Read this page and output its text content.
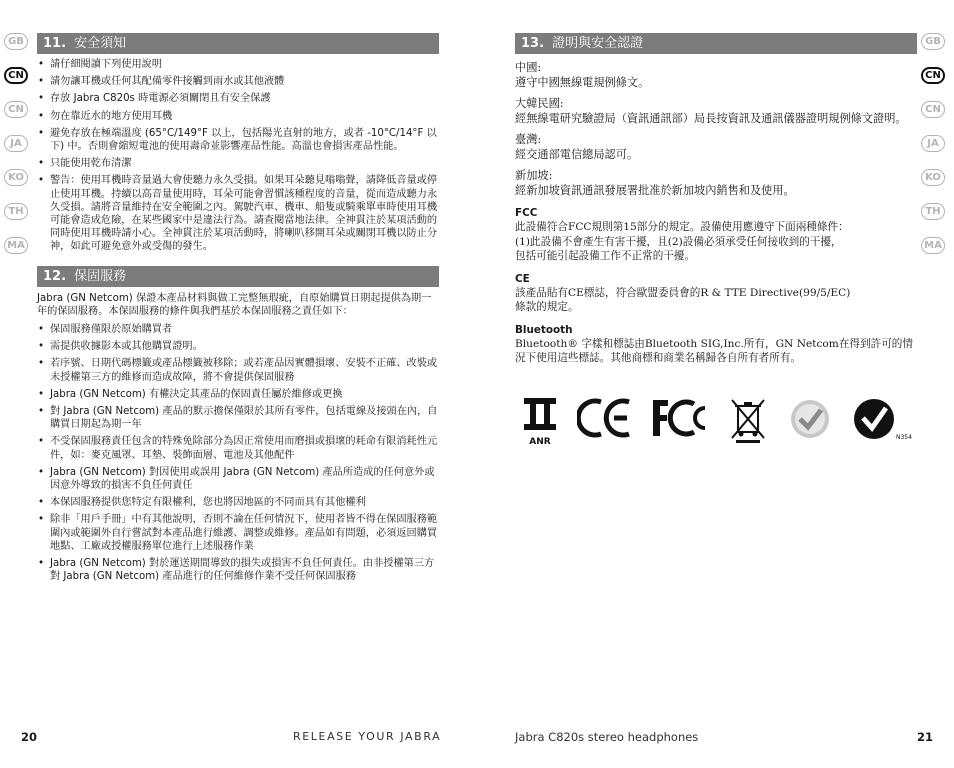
GB
CN
CN
JA
KO
TH
MA
11. 安全須知
• 請仔細閱讀下列使用說明
• 請勿讓耳機或任何其配備零件接觸到雨水或其他液體
• 存放 Jabra C820s 時電源必須關閉且有安全保護
• 勿在靠近水的地方使用耳機
• 避免存放在極端溫度 (65°C/149°F 以上，包括陽光直射的地方，或者 -10°C/14°F 以下) 中。否則會縮短電池的使用壽命並影響產品性能。高溫也會損害產品性能。
• 只能使用乾布清潔
• 警告：使用耳機時音量過大會使聽力永久受損。如果耳朵聽見嗡嗡聲，請降低音量或停止使用耳機。持續以高音量使用時，耳朵可能會習慣該種程度的音量，從而造成聽力永久受損。請將音量維持在安全範圍之內。駕駛汽車、機車、船隻或騎乘單車時使用耳機可能會造成危險，在某些國家中是違法行為。請查閱當地法律。全神貫注於某項活動的同時使用耳機時請小心。全神貫注於某項活動時，將喇叭移開耳朵或關閉耳機以防止分神，如此可避免意外或受傷的發生。
12. 保固服務
Jabra (GN Netcom) 保證本產品材料與做工完整無瑕疵，自原始購買日期起提供為期一年的保固服務。本保固服務的條件與我們基於本保固服務之責任如下：
• 保固服務僅限於原始購買者
• 需提供收據影本或其他購買證明。
• 若序號、日期代碼標籤或產品標籤被移除；或若產品因實體損壞、安裝不正確、改裝或未授權第三方的維修而造成故障，將不會提供保固服務
• Jabra (GN Netcom) 有權決定其產品的保固責任屬於維修或更換
• 對 Jabra (GN Netcom) 產品的默示擔保僅限於其所有零件，包括電線及接頭在內，自購買日期起為期一年
• 不受保固服務責任包含的特殊免除部分為因正常使用而磨損或損壞的耗命有限消耗性元件，如：麥克風罩、耳墊、裝飾面層、電池及其他配件
• Jabra (GN Netcom) 對因使用或誤用 Jabra (GN Netcom) 產品所造成的任何意外或因意外導致的損害不負任何責任
• 本保固服務提供您特定有限權利，您也將因地區的不同而具有其他權利
• 除非「用戶手冊」中有其他說明，否則不論在任何情況下，使用者皆不得在保固服務範圍內或範圍外自行嘗試對本產品進行維護、調整或維修。產品如有問題，必須返回購買地點、工廠或授權服務單位進行上述服務作業
• Jabra (GN Netcom) 對於運送期間導致的損失或損害不負任何責任。由非授權第三方對 Jabra (GN Netcom) 產品進行的任何維修作業不受任何保固服務
GB
CN
CN
JA
KO
TH
MA
13. 證明與安全認證
中國:
遵守中國無線電規例條文。
大韓民國:
經無線電研究驗證局（資訊通訊部）局長按資訊及通訊儀器證明規例條文證明。
臺灣:
經交通部電信總局認可。
新加坡:
經新加坡資訊通訊發展署批准於新加坡內銷售和及使用。
FCC
此設備符合FCC規則第15部分的規定。設備使用應遵守下面兩種條件：
(1)此設備不會產生有害干擾，且(2)設備必須承受任何接收到的干擾，
包括可能引起設備工作不正常的干擾。
CE
該產品貼有CE標誌，符合歐盟委員會的R & TTE Directive(99/5/EC)
條款的規定。
Bluetooth
Bluetooth® 字樣和標誌由Bluetooth SIG,Inc.所有，GN Netcom在得到許可的情況下使用這些標誌。其他商標和商業名稱歸各自所有者所有。
ANR	N354
20	RELEASE YOUR JABRA	Jabra C820s stereo headphones	21
